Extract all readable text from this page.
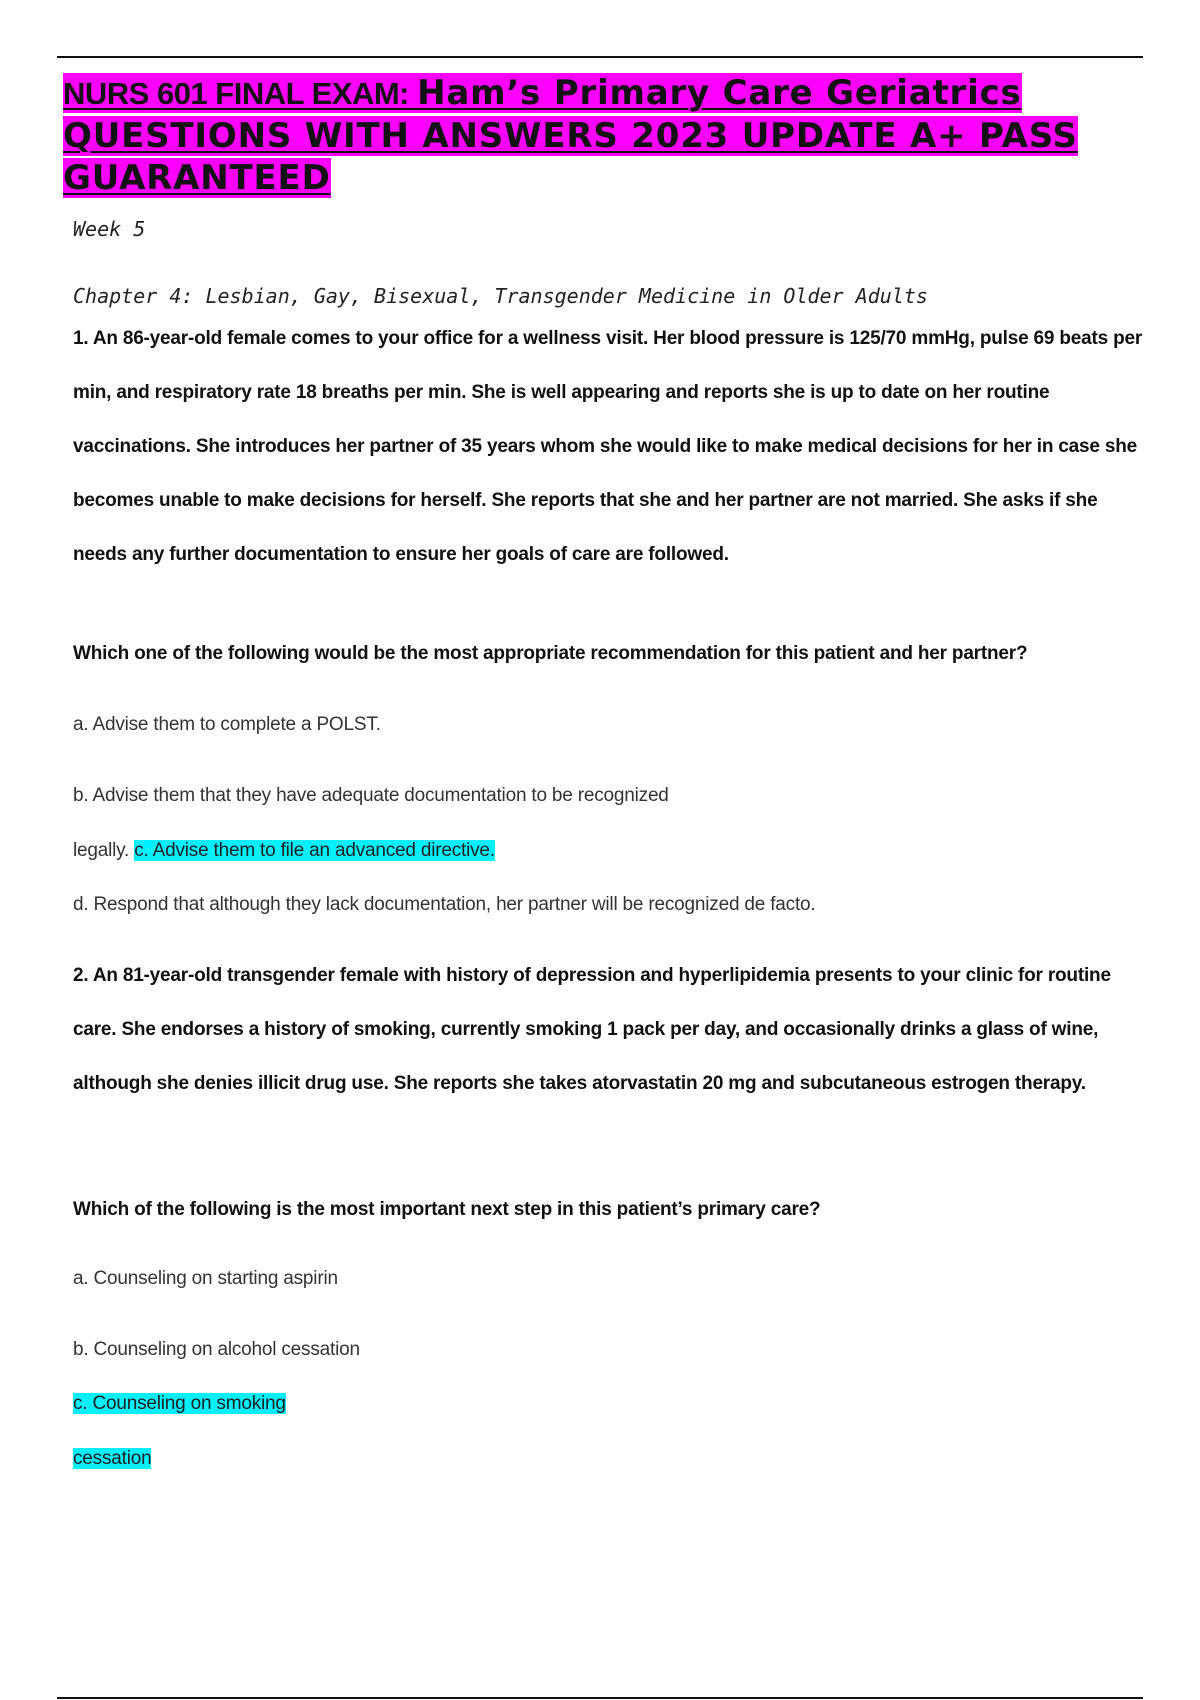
NURS 601 FINAL EXAM: Ham’s Primary Care Geriatrics QUESTIONS WITH ANSWERS 2023 UPDATE A+ PASS GUARANTEED

Week 5

Chapter 4: Lesbian, Gay, Bisexual, Transgender Medicine in Older Adults

1. An 86-year-old female comes to your office for a wellness visit. Her blood pressure is 125/70 mmHg, pulse 69 beats per min, and respiratory rate 18 breaths per min. She is well appearing and reports she is up to date on her routine vaccinations. She introduces her partner of 35 years whom she would like to make medical decisions for her in case she becomes unable to make decisions for herself. She reports that she and her partner are not married. She asks if she needs any further documentation to ensure her goals of care are followed.

Which one of the following would be the most appropriate recommendation for this patient and her partner?

a. Advise them to complete a POLST.

b. Advise them that they have adequate documentation to be recognized

legally. c. Advise them to file an advanced directive.

d. Respond that although they lack documentation, her partner will be recognized de facto.

2. An 81-year-old transgender female with history of depression and hyperlipidemia presents to your clinic for routine care. She endorses a history of smoking, currently smoking 1 pack per day, and occasionally drinks a glass of wine, although she denies illicit drug use. She reports she takes atorvastatin 20 mg and subcutaneous estrogen therapy.

Which of the following is the most important next step in this patient’s primary care?

a. Counseling on starting aspirin

b. Counseling on alcohol cessation

c. Counseling on smoking

cessation
